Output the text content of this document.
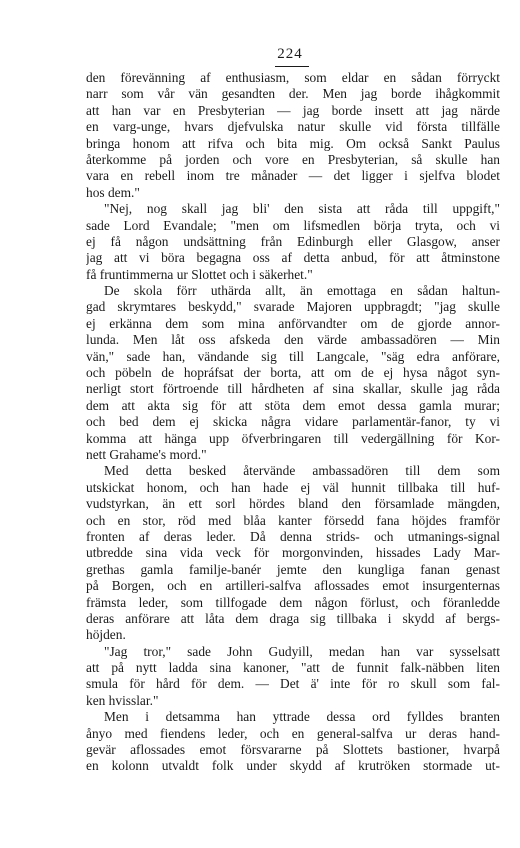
224
den förevänning af enthusiasm, som eldar en sådan förryckt
narr som vår vän gesandten der. Men jag borde ihågkommit
att han var en Presbyterian — jag borde insett att jag närde
en varg-unge, hvars djefvulska natur skulle vid första tillfälle
bringa honom att rifva och bita mig. Om också Sankt Paulus
återkomme på jorden och vore en Presbyterian, så skulle han
vara en rebell inom tre månader — det ligger i sjelfva blodet
hos dem."
"Nej, nog skall jag bli' den sista att råda till uppgift,"
sade Lord Evandale; "men om lifsmedlen börja tryta, och vi
ej få någon undsättning från Edinburgh eller Glasgow, anser
jag att vi böra begagna oss af detta anbud, för att åtminstone
få fruntimmerna ur Slottet och i säkerhet."
De skola förr uthärda allt, än emottaga en sådan haltun-
gad skrymtares beskydd," svarade Majoren uppbragdt; "jag skulle
ej erkänna dem som mina anförvandter om de gjorde annor-
lunda. Men låt oss afskeda den värde ambassadören — Min
vän," sade han, vändande sig till Langcale, "säg edra anförare,
och pöbeln de hopráfsat der borta, att om de ej hysa något syn-
nerligt stort förtroende till hårdheten af sina skallar, skulle jag råda
dem att akta sig för att stöta dem emot dessa gamla murar;
och bed dem ej skicka några vidare parlamentär-fanor, ty vi
komma att hänga upp öfverbringaren till vedergällning för Kor-
nett Grahame's mord."
Med detta besked återvände ambassadören till dem som
utskickat honom, och han hade ej väl hunnit tillbaka till huf-
vudstyrkan, än ett sorl hördes bland den församlade mängden,
och en stor, röd med blåa kanter försedd fana höjdes framför
fronten af deras leder. Då denna strids- och utmanings-signal
utbredde sina vida veck för morgonvinden, hissades Lady Mar-
grethas gamla familje-banér jemte den kungliga fanan genast
på Borgen, och en artilleri-salfva aflossades emot insurgenternas
främsta leder, som tillfogade dem någon förlust, och föranledde
deras anförare att låta dem draga sig tillbaka i skydd af bergs-
höjden.
"Jag tror," sade John Gudyill, medan han var sysselsatt
att på nytt ladda sina kanoner, "att de funnit falk-näbben liten
smula för hård för dem. — Det ä' inte för ro skull som fal-
ken hvisslar."
Men i detsamma han yttrade dessa ord fylldes branten
ånyo med fiendens leder, och en general-salfva ur deras hand-
gevär aflossades emot försvararne på Slottets bastioner, hvarpå
en kolonn utvaldt folk under skydd af krutröken stormade ut-
